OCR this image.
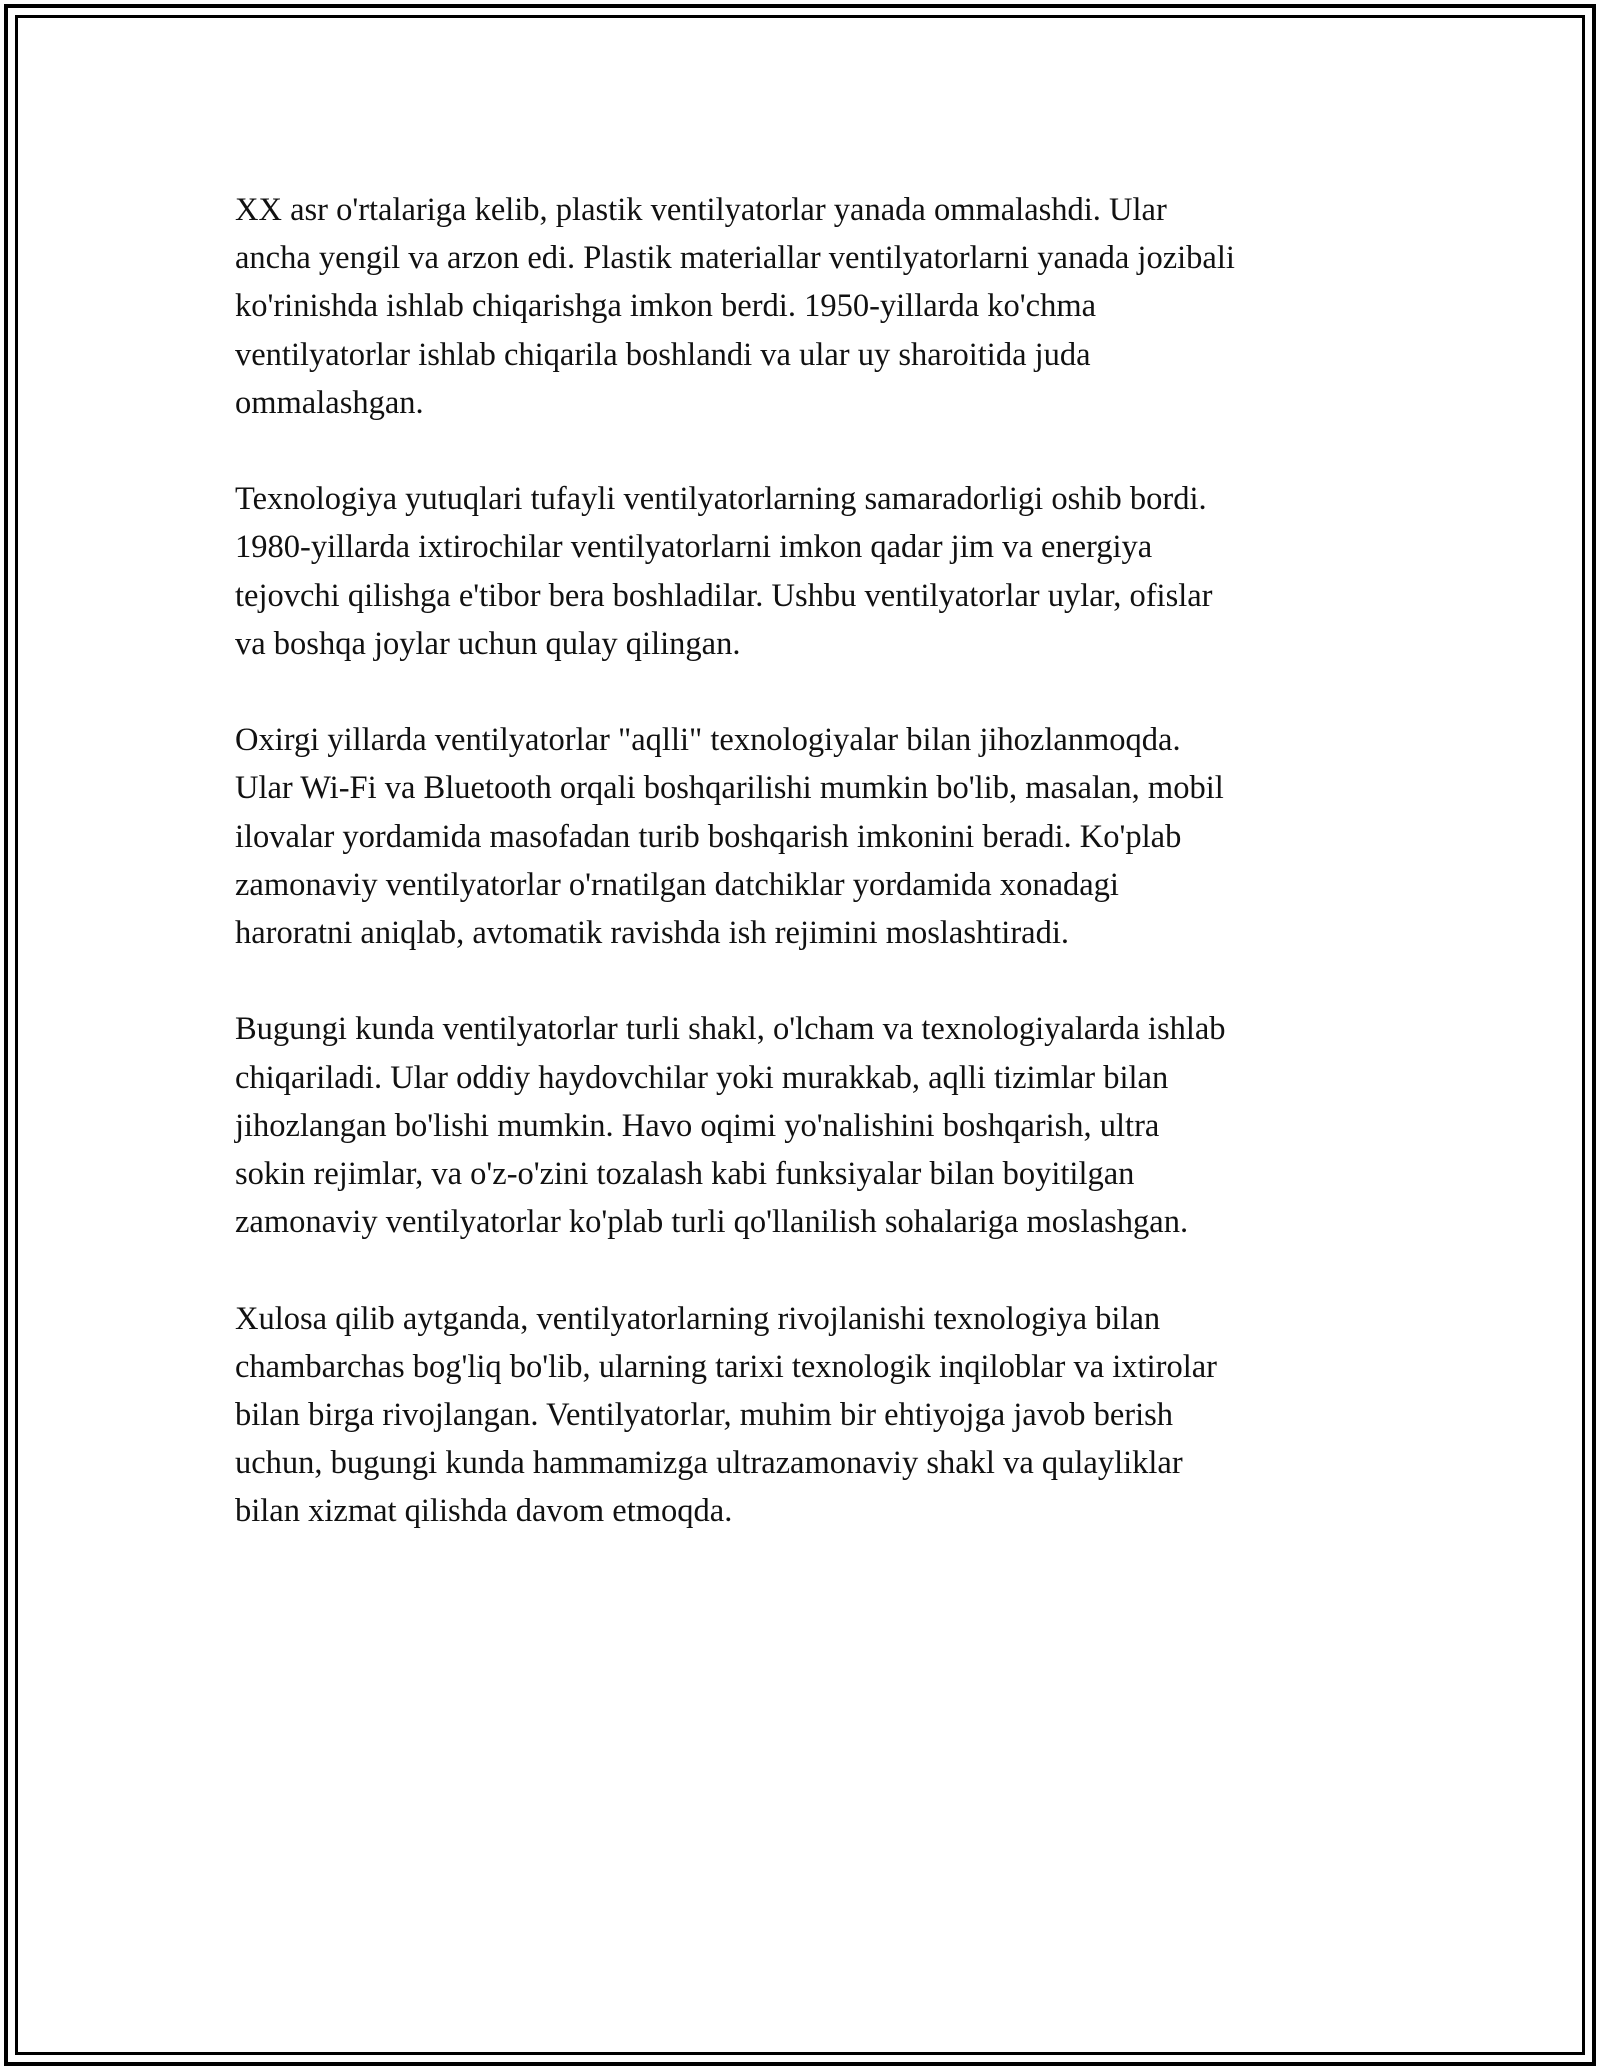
XX asr o'rtalariga kelib, plastik ventilyatorlar yanada ommalashdi. Ular
ancha yengil va arzon edi. Plastik materiallar ventilyatorlarni yanada jozibali
ko'rinishda ishlab chiqarishga imkon berdi. 1950-yillarda ko'chma
ventilyatorlar ishlab chiqarila boshlandi va ular uy sharoitida juda
ommalashgan.

Texnologiya yutuqlari tufayli ventilyatorlarning samaradorligi oshib bordi.
1980-yillarda ixtirochilar ventilyatorlarni imkon qadar jim va energiya
tejovchi qilishga e'tibor bera boshladilar. Ushbu ventilyatorlar uylar, ofislar
va boshqa joylar uchun qulay qilingan.

Oxirgi yillarda ventilyatorlar "aqlli" texnologiyalar bilan jihozlanmoqda.
Ular Wi-Fi va Bluetooth orqali boshqarilishi mumkin bo'lib, masalan, mobil
ilovalar yordamida masofadan turib boshqarish imkonini beradi. Ko'plab
zamonaviy ventilyatorlar o'rnatilgan datchiklar yordamida xonadagi
haroratni aniqlab, avtomatik ravishda ish rejimini moslashtiradi.

Bugungi kunda ventilyatorlar turli shakl, o'lcham va texnologiyalarda ishlab
chiqariladi. Ular oddiy haydovchilar yoki murakkab, aqlli tizimlar bilan
jihozlangan bo'lishi mumkin. Havo oqimi yo'nalishini boshqarish, ultra
sokin rejimlar, va o'z-o'zini tozalash kabi funksiyalar bilan boyitilgan
zamonaviy ventilyatorlar ko'plab turli qo'llanilish sohalariga moslashgan.

Xulosa qilib aytganda, ventilyatorlarning rivojlanishi texnologiya bilan
chambarchas bog'liq bo'lib, ularning tarixi texnologik inqiloblar va ixtirolar
bilan birga rivojlangan. Ventilyatorlar, muhim bir ehtiyojga javob berish
uchun, bugungi kunda hammamizga ultrazamonaviy shakl va qulayliklar
bilan xizmat qilishda davom etmoqda.
